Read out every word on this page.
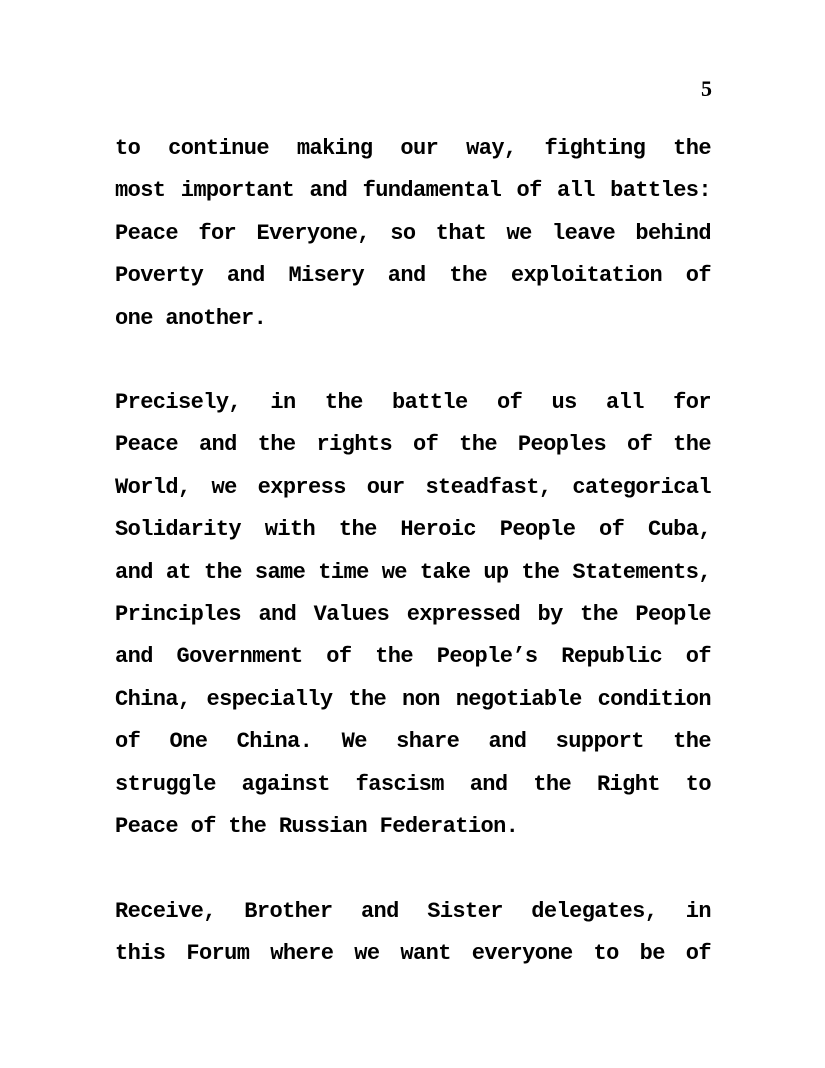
5
to continue making our way, fighting the
most important and fundamental of all battles:
Peace for Everyone, so that we leave behind
Poverty and Misery and the exploitation of
one another.
Precisely, in the battle of us all for
Peace and the rights of the Peoples of the
World, we express our steadfast, categorical
Solidarity with the Heroic People of Cuba,
and at the same time we take up the Statements,
Principles and Values expressed by the People
and Government of the People’s Republic of
China, especially the non negotiable condition
of One China. We share and support the
struggle against fascism and the Right to
Peace of the Russian Federation.
Receive, Brother and Sister delegates, in
this Forum where we want everyone to be of
